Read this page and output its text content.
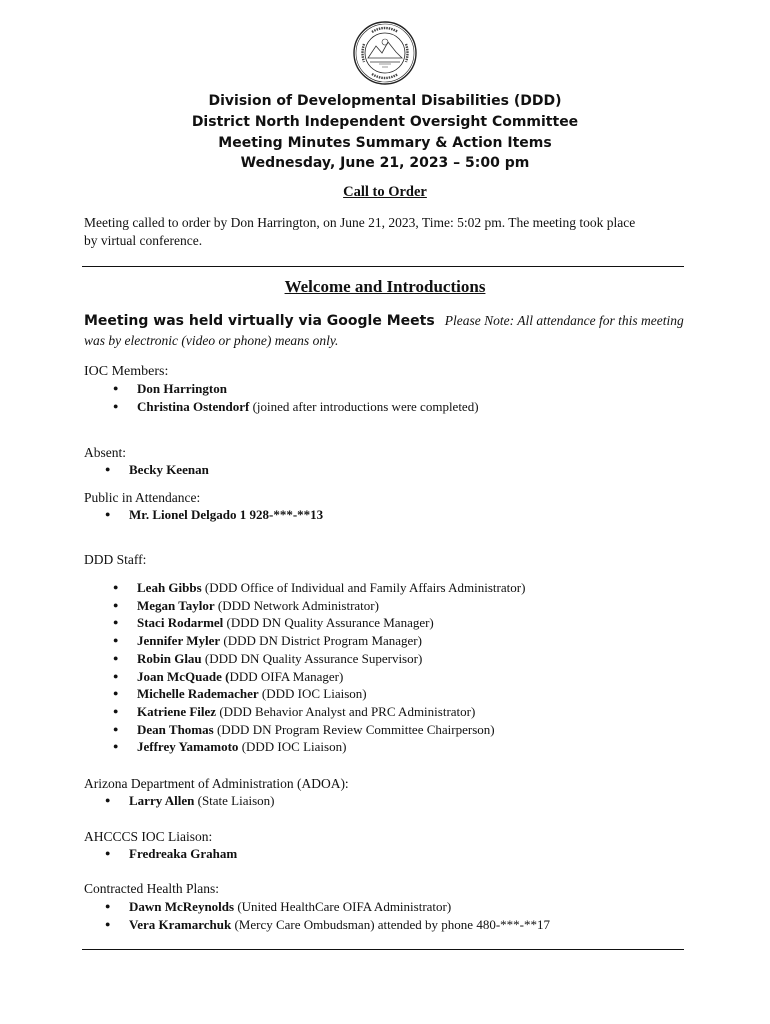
Division of Developmental Disabilities (DDD)
District North Independent Oversight Committee
Meeting Minutes Summary & Action Items
Wednesday, June 21, 2023 – 5:00 pm
Call to Order
Meeting called to order by Don Harrington, on June 21, 2023, Time: 5:02 pm. The meeting took place
by virtual conference.
Welcome and Introductions
Meeting was held virtually via Google Meets Please Note: All attendance for this meeting
was by electronic (video or phone) means only.
IOC Members:
● Don Harrington
● Christina Ostendorf (joined after introductions were completed)
Absent:
● Becky Keenan
Public in Attendance:
● Mr. Lionel Delgado 1 928-***-**13
DDD Staff:
● Leah Gibbs (DDD Office of Individual and Family Affairs Administrator)
● Megan Taylor (DDD Network Administrator)
● Staci Rodarmel (DDD DN Quality Assurance Manager)
● Jennifer Myler (DDD DN District Program Manager)
● Robin Glau (DDD DN Quality Assurance Supervisor)
● Joan McQuade (DDD OIFA Manager)
● Michelle Rademacher (DDD IOC Liaison)
● Katriene Filez (DDD Behavior Analyst and PRC Administrator)
● Dean Thomas (DDD DN Program Review Committee Chairperson)
● Jeffrey Yamamoto (DDD IOC Liaison)
Arizona Department of Administration (ADOA):
● Larry Allen (State Liaison)
AHCCCS IOC Liaison:
● Fredreaka Graham
Contracted Health Plans:
● Dawn McReynolds (United HealthCare OIFA Administrator)
● Vera Kramarchuk (Mercy Care Ombudsman) attended by phone 480-***-**17
